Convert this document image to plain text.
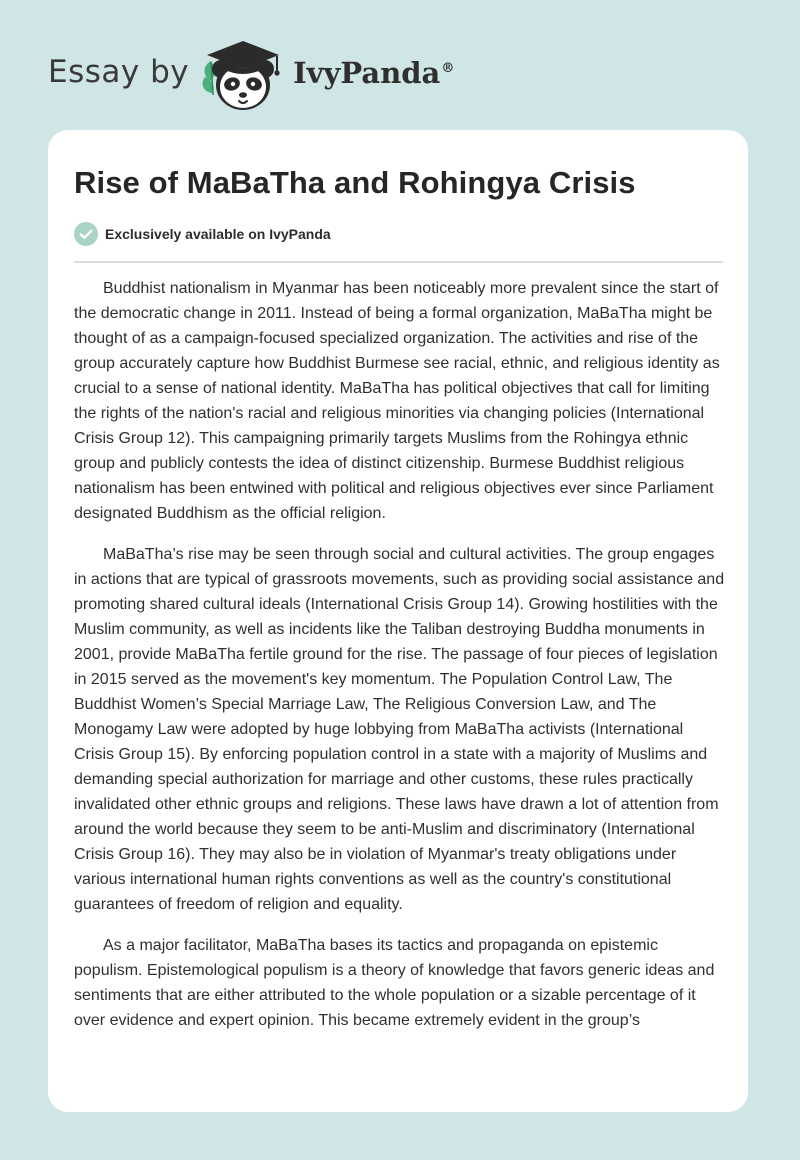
Essay by	IvyPanda®
Rise of MaBaTha and Rohingya Crisis
Exclusively available on IvyPanda

Buddhist nationalism in Myanmar has been noticeably more prevalent since the start of the democratic change in 2011. Instead of being a formal organization, MaBaTha might be thought of as a campaign-focused specialized organization. The activities and rise of the group accurately capture how Buddhist Burmese see racial, ethnic, and religious identity as crucial to a sense of national identity. MaBaTha has political objectives that call for limiting the rights of the nation's racial and religious minorities via changing policies (International Crisis Group 12). This campaigning primarily targets Muslims from the Rohingya ethnic group and publicly contests the idea of distinct citizenship. Burmese Buddhist religious nationalism has been entwined with political and religious objectives ever since Parliament designated Buddhism as the official religion.

MaBaTha’s rise may be seen through social and cultural activities. The group engages in actions that are typical of grassroots movements, such as providing social assistance and promoting shared cultural ideals (International Crisis Group 14). Growing hostilities with the Muslim community, as well as incidents like the Taliban destroying Buddha monuments in 2001, provide MaBaTha fertile ground for the rise. The passage of four pieces of legislation in 2015 served as the movement's key momentum. The Population Control Law, The Buddhist Women’s Special Marriage Law, The Religious Conversion Law, and The Monogamy Law were adopted by huge lobbying from MaBaTha activists (International Crisis Group 15). By enforcing population control in a state with a majority of Muslims and demanding special authorization for marriage and other customs, these rules practically invalidated other ethnic groups and religions. These laws have drawn a lot of attention from around the world because they seem to be anti-Muslim and discriminatory (International Crisis Group 16). They may also be in violation of Myanmar's treaty obligations under various international human rights conventions as well as the country's constitutional guarantees of freedom of religion and equality.

As a major facilitator, MaBaTha bases its tactics and propaganda on epistemic populism. Epistemological populism is a theory of knowledge that favors generic ideas and sentiments that are either attributed to the whole population or a sizable percentage of it over evidence and expert opinion. This became extremely evident in the group’s
